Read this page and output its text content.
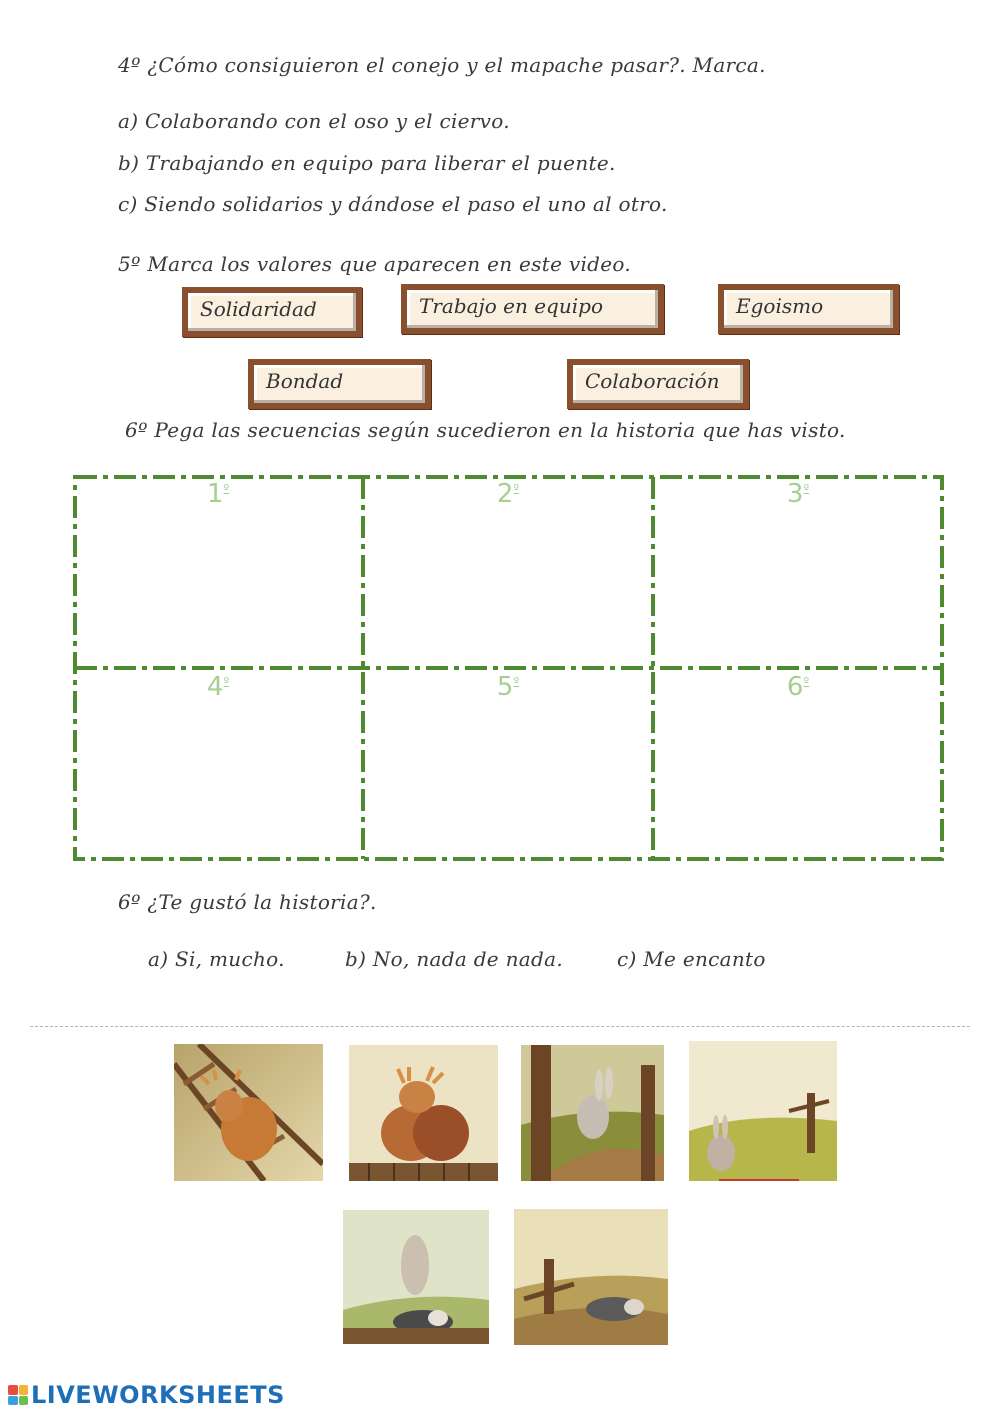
4º ¿Cómo consiguieron el conejo y el mapache pasar?. Marca.
a) Colaborando con el oso y el ciervo.
b) Trabajando en equipo para liberar el puente.
c) Siendo solidarios y dándose el paso el uno al otro.
5º Marca los valores que aparecen en este video.
Solidaridad	Trabajo en equipo	Egoismo
Bondad	Colaboración
6º Pega las secuencias según sucedieron en la historia que has visto.
$1^º$	$2^º$	$3^º$
$4^º$	$5^º$	$6^º$
6º ¿Te gustó la historia?.
a) Si, mucho.	b) No, nada de nada.	c) Me encanto
LIVEWORKSHEETS
